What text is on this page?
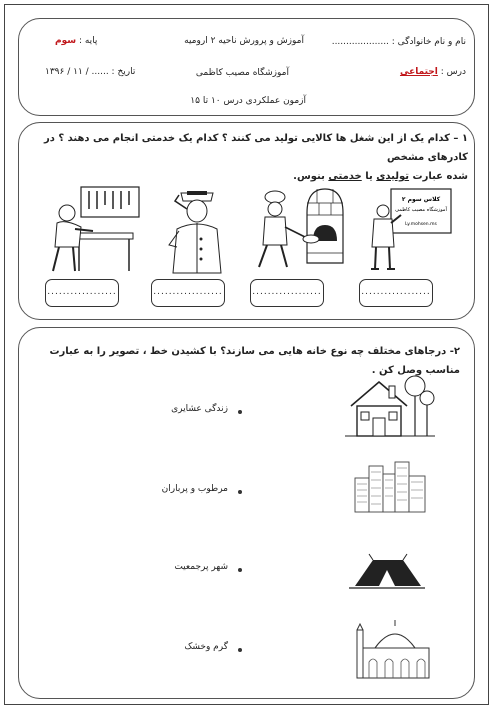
نام و نام خانوادگی : ....................
آموزش و پرورش ناحیه ۲ ارومیه
پایه : سوم
درس : اجتماعی
آموزشگاه مصیب کاظمی
تاریخ : ...... / ۱۱ / ۱۳۹۶
آزمون عملکردی درس ۱۰ تا ۱۵
۱ – کدام یک از این شغل ها کالایی تولید می کنند ؟ کدام یک خدمتی انجام می دهند ؟ در کادرهای مشخص
شده عبارت تولیدی یا خدمتی بنوس.
کلاس سوم ۲
آموزشگاه مصیب کاظمی
Ly.mohsen.ms
..................
..................
..................
..................
۲- درجاهای مختلف چه نوع خانه هایی می سازند؟ با کشیدن خط ، تصویر را به عبارت مناسب وصل کن .
زندگی عشایری
مرطوب و پرباران
شهر پرجمعیت
گرم وخشک
